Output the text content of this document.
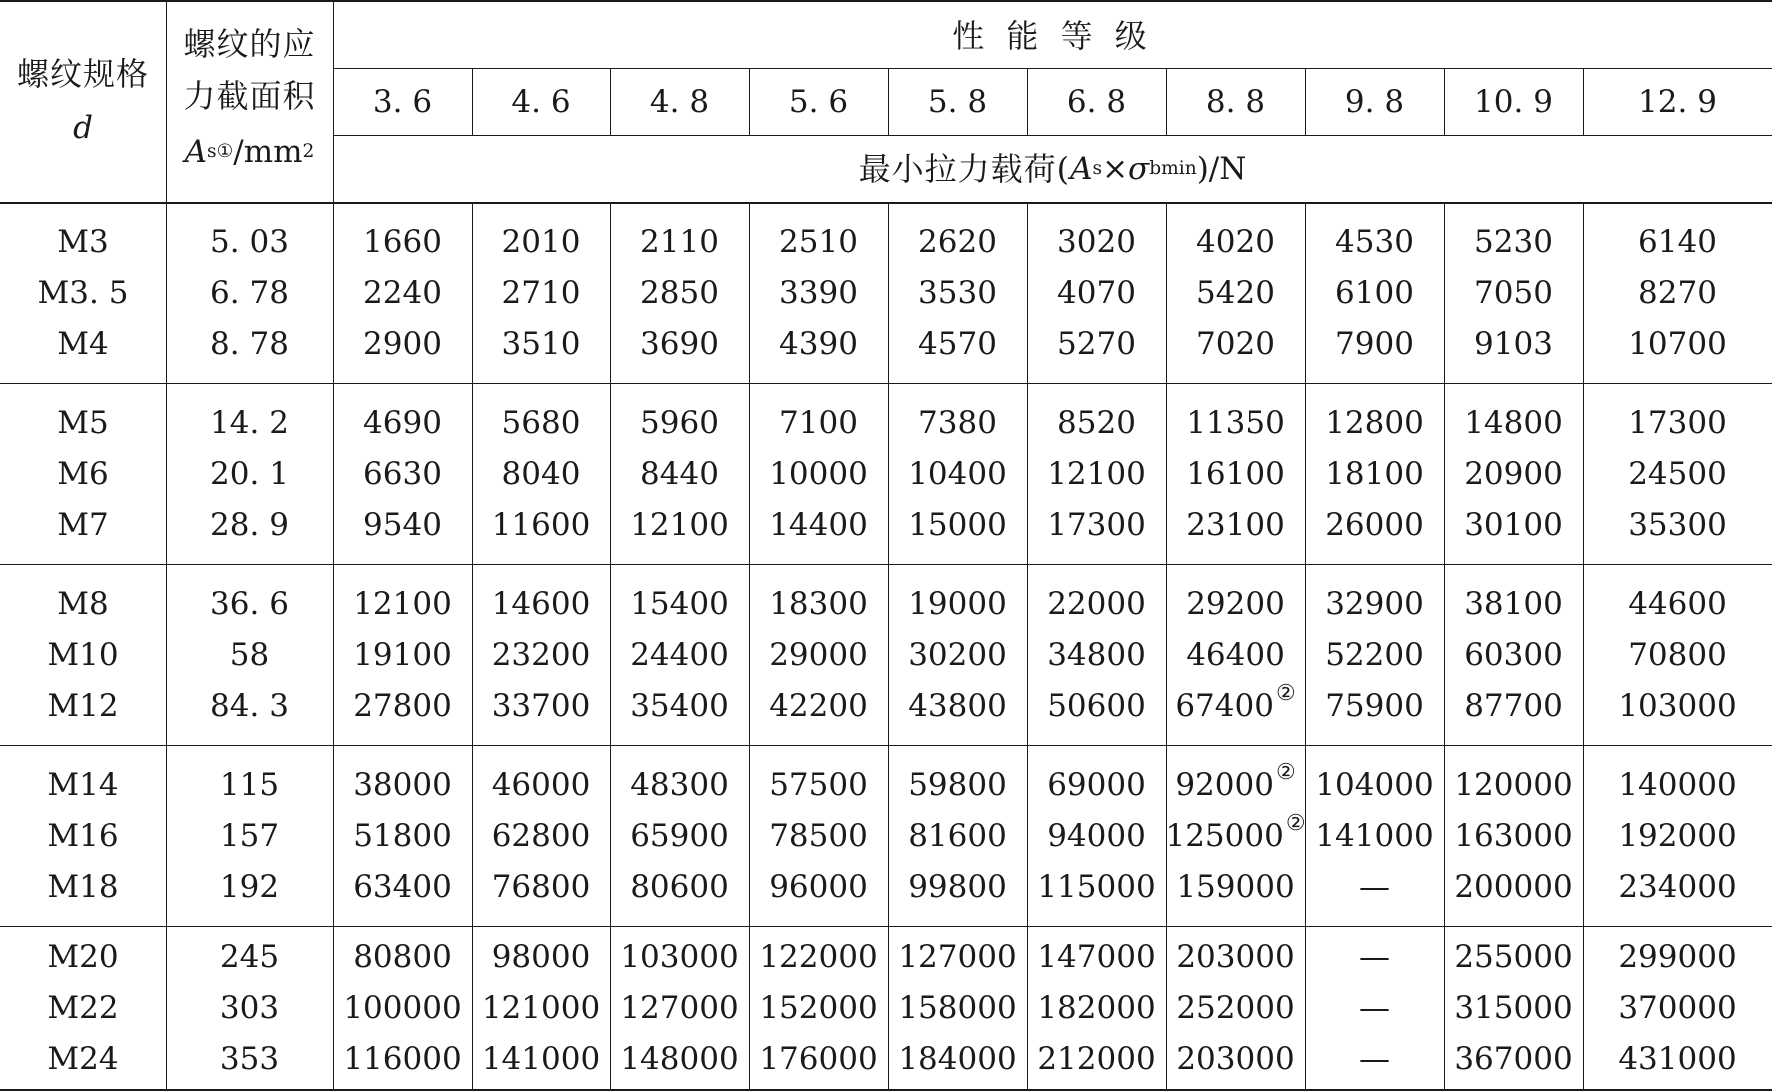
螺纹规格
d
螺纹的应
力截面积
A s ① /mm 2
性 能 等 级
3. 6	4. 6	4. 8	5. 6	5. 8	6. 8	8. 8	9. 8	10. 9	12. 9
最小拉力载荷( A s × σ bmin )/N
M3	5. 03	1660	2010	2110	2510	2620	3020	4020	4530	5230	6140
M3. 5	6. 78	2240	2710	2850	3390	3530	4070	5420	6100	7050	8270
M4	8. 78	2900	3510	3690	4390	4570	5270	7020	7900	9103	10700
M5	14. 2	4690	5680	5960	7100	7380	8520	11350	12800	14800	17300
M6	20. 1	6630	8040	8440	10000	10400	12100	16100	18100	20900	24500
M7	28. 9	9540	11600	12100	14400	15000	17300	23100	26000	30100	35300
M8	36. 6	12100	14600	15400	18300	19000	22000	29200	32900	38100	44600
M10	58	19100	23200	24400	29000	30200	34800	46400	52200	60300	70800
M12	84. 3	27800	33700	35400	42200	43800	50600 67400 ② 75900	87700	103000
M14	115	38000	46000	48300	57500	59800	69000 92000 ② 104000 120000	140000
M16	157	51800	62800	65900	78500	81600	94000 125000 ② 141000 163000	192000
M18	192	63400	76800	80600	96000	99800 115000 159000	—	200000	234000
M20	245	80800	98000 103000 122000 127000 147000 203000	—	255000	299000
M22	303	100000 121000 127000 152000 158000 182000 252000	—	315000	370000
M24	353	116000 141000 148000 176000 184000 212000 203000	—	367000	431000
